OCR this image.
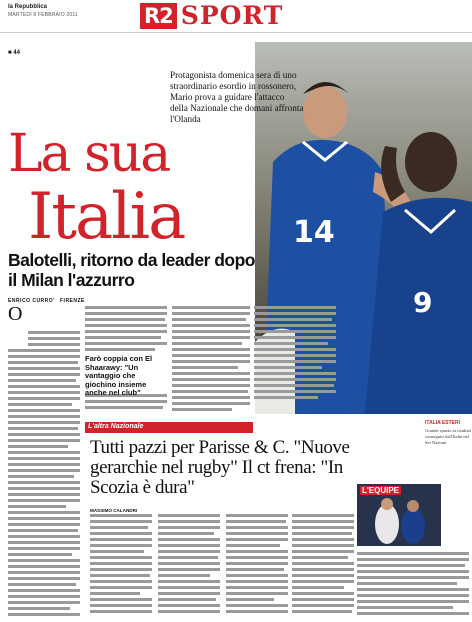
la Repubblica
MARTEDÌ 8 FEBBRAIO 2011	R2 SPORT
■ 44
14
9
Protagonista domenica sera di uno straordinario esordio in rossonero, Mario prova a guidare l'attacco della Nazionale che domani affronta l'Olanda
La sua
Italia
Balotelli, ritorno da leader dopo il Milan l'azzurro
ENRICO CURRO' FIRENZE
O
Farò coppia con El Shaarawy: "Un vantaggio che giochino insieme anche nel club"
L'altra Nazionale
Tutti pazzi per Parisse & C. "Nuove gerarchie nel rugby" Il ct frena: "In Scozia è dura"
MASSIMO CALANDRI
L'EQUIPE
ITALIA ESTERI
Grande spazio ai risultati conseguiti dall'Italia nel Sei Nazioni
